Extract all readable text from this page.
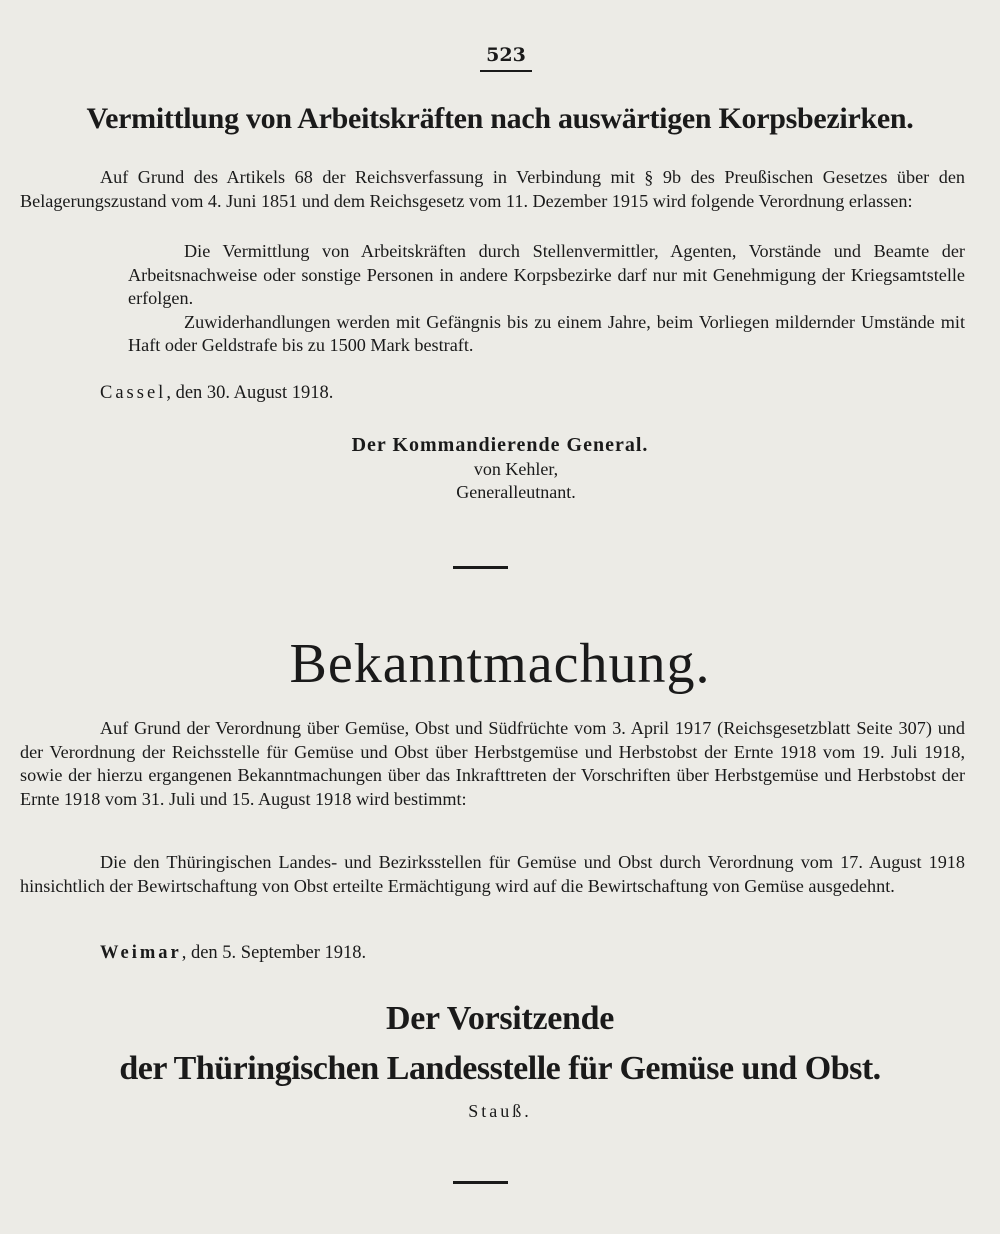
523
Vermittlung von Arbeitskräften nach auswärtigen Korpsbezirken.
Auf Grund des Artikels 68 der Reichsverfassung in Verbindung mit § 9b des Preußischen Gesetzes über den Belagerungszustand vom 4. Juni 1851 und dem Reichsgesetz vom 11. Dezember 1915 wird folgende Verordnung erlassen:

Die Vermittlung von Arbeitskräften durch Stellenvermittler, Agenten, Vorstände und Beamte der Arbeitsnachweise oder sonstige Personen in andere Korpsbezirke darf nur mit Genehmigung der Kriegsamtstelle erfolgen.

Zuwiderhandlungen werden mit Gefängnis bis zu einem Jahre, beim Vorliegen mildernder Umstände mit Haft oder Geldstrafe bis zu 1500 Mark bestraft.

Cassel, den 30. August 1918.
Der Kommandierende General.
von Kehler,
Generalleutnant.
Bekanntmachung.
Auf Grund der Verordnung über Gemüse, Obst und Südfrüchte vom 3. April 1917 (Reichsgesetzblatt Seite 307) und der Verordnung der Reichsstelle für Gemüse und Obst über Herbstgemüse und Herbstobst der Ernte 1918 vom 19. Juli 1918, sowie der hierzu ergangenen Bekanntmachungen über das Inkrafttreten der Vorschriften über Herbstgemüse und Herbstobst der Ernte 1918 vom 31. Juli und 15. August 1918 wird bestimmt:
Die den Thüringischen Landes- und Bezirksstellen für Gemüse und Obst durch Verordnung vom 17. August 1918 hinsichtlich der Bewirtschaftung von Obst erteilte Ermächtigung wird auf die Bewirtschaftung von Gemüse ausgedehnt.
Weimar, den 5. September 1918.
Der Vorsitzende
der Thüringischen Landesstelle für Gemüse und Obst.
Stauß.
